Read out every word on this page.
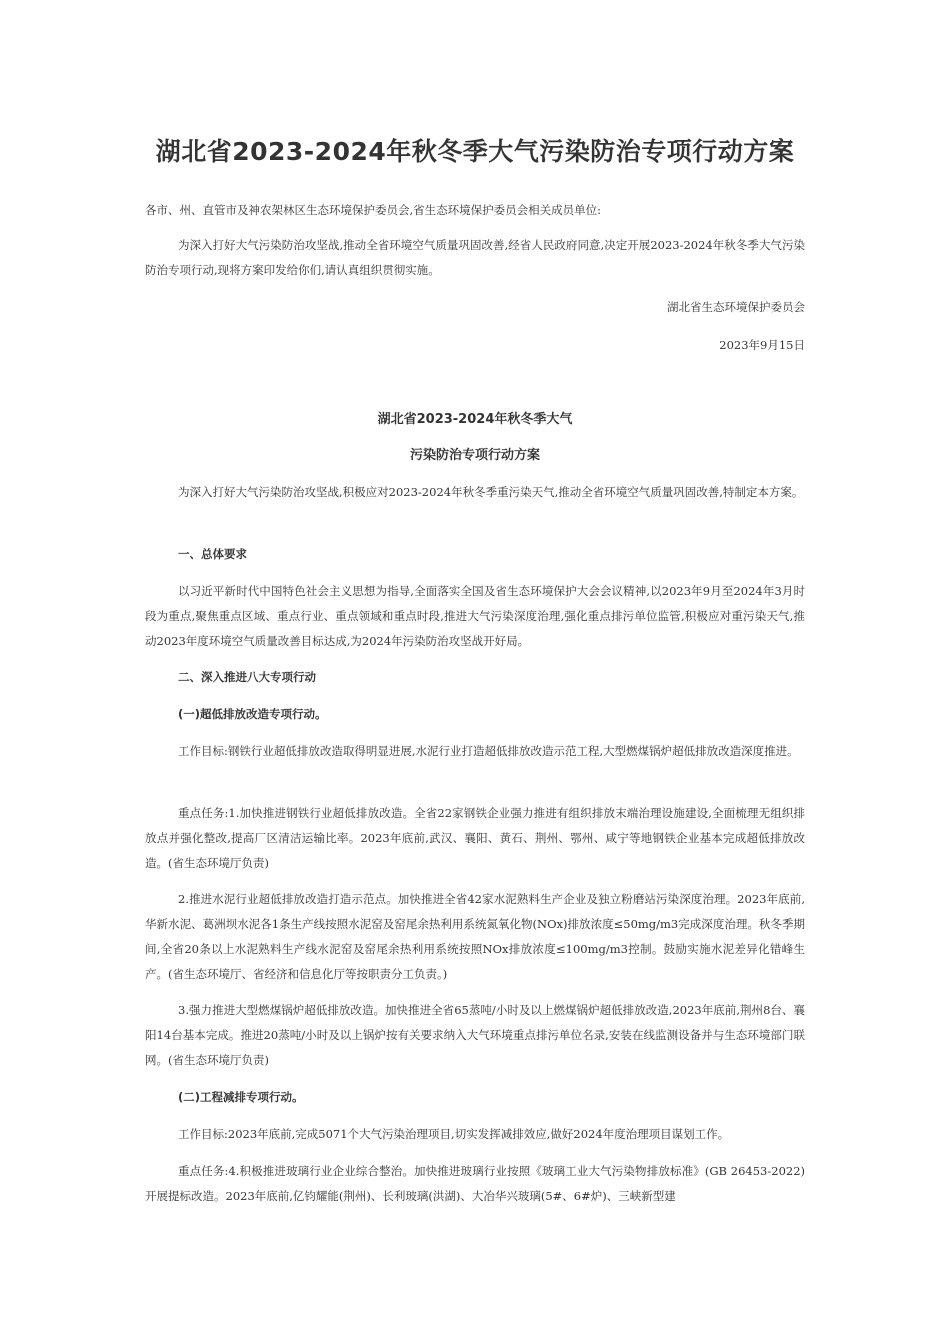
湖北省2023-2024年秋冬季大气污染防治专项行动方案

各市、州、直管市及神农架林区生态环境保护委员会,省生态环境保护委员会相关成员单位:

为深入打好大气污染防治攻坚战,推动全省环境空气质量巩固改善,经省人民政府同意,决定开展2023-2024年秋冬季大气污染防治专项行动,现将方案印发给你们,请认真组织贯彻实施。

湖北省生态环境保护委员会

2023年9月15日

湖北省2023-2024年秋冬季大气

污染防治专项行动方案

为深入打好大气污染防治攻坚战,积极应对2023-2024年秋冬季重污染天气,推动全省环境空气质量巩固改善,特制定本方案。

一、总体要求

以习近平新时代中国特色社会主义思想为指导,全面落实全国及省生态环境保护大会会议精神,以2023年9月至2024年3月时段为重点,聚焦重点区域、重点行业、重点领域和重点时段,推进大气污染深度治理,强化重点排污单位监管,积极应对重污染天气,推动2023年度环境空气质量改善目标达成,为2024年污染防治攻坚战开好局。

二、深入推进八大专项行动

(一)超低排放改造专项行动。

工作目标:钢铁行业超低排放改造取得明显进展,水泥行业打造超低排放改造示范工程,大型燃煤锅炉超低排放改造深度推进。

重点任务:1.加快推进钢铁行业超低排放改造。全省22家钢铁企业强力推进有组织排放末端治理设施建设,全面梳理无组织排放点并强化整改,提高厂区清洁运输比率。2023年底前,武汉、襄阳、黄石、荆州、鄂州、咸宁等地钢铁企业基本完成超低排放改造。(省生态环境厅负责)

2.推进水泥行业超低排放改造打造示范点。加快推进全省42家水泥熟料生产企业及独立粉磨站污染深度治理。2023年底前,华新水泥、葛洲坝水泥各1条生产线按照水泥窑及窑尾余热利用系统氮氧化物(NOx)排放浓度≤50mg/m3完成深度治理。秋冬季期间,全省20条以上水泥熟料生产线水泥窑及窑尾余热利用系统按照NOx排放浓度≤100mg/m3控制。鼓励实施水泥差异化错峰生产。(省生态环境厅、省经济和信息化厅等按职责分工负责。)

3.强力推进大型燃煤锅炉超低排放改造。加快推进全省65蒸吨/小时及以上燃煤锅炉超低排放改造,2023年底前,荆州8台、襄阳14台基本完成。推进20蒸吨/小时及以上锅炉按有关要求纳入大气环境重点排污单位名录,安装在线监测设备并与生态环境部门联网。(省生态环境厅负责)

(二)工程减排专项行动。

工作目标:2023年底前,完成5071个大气污染治理项目,切实发挥减排效应,做好2024年度治理项目谋划工作。

重点任务:4.积极推进玻璃行业企业综合整治。加快推进玻璃行业按照《玻璃工业大气污染物排放标准》(GB 26453-2022)开展提标改造。2023年底前,亿钧耀能(荆州)、长利玻璃(洪湖)、大冶华兴玻璃(5#、6#炉)、三峡新型建
